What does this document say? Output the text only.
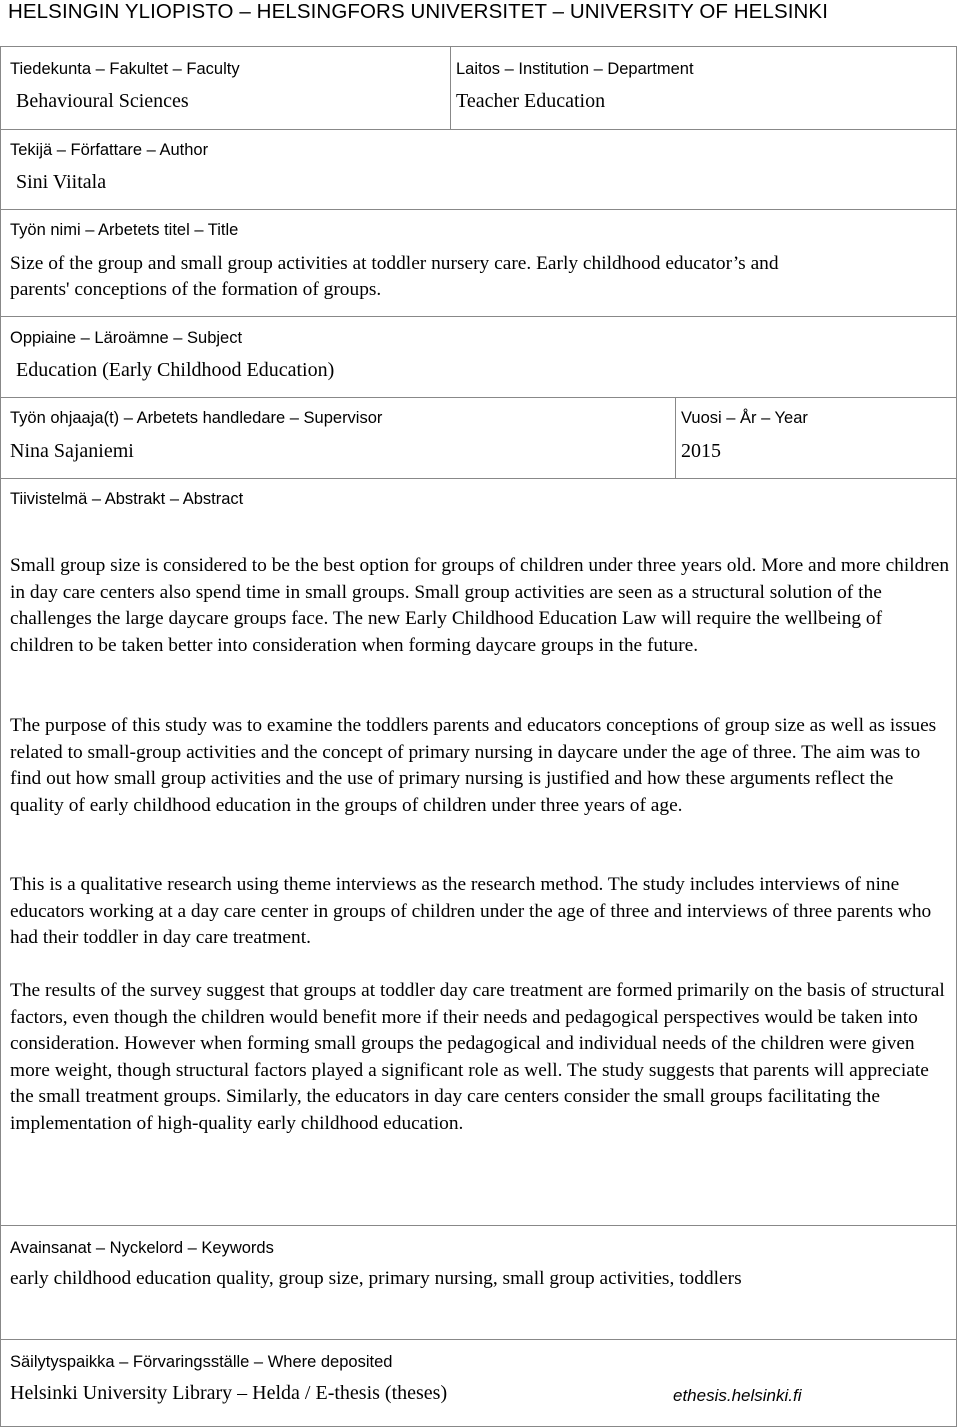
HELSINGIN YLIOPISTO – HELSINGFORS UNIVERSITET – UNIVERSITY OF HELSINKI
Tiedekunta – Fakultet – Faculty
Behavioural Sciences
Laitos – Institution – Department
Teacher Education
Tekijä – Författare – Author
Sini Viitala
Työn nimi – Arbetets titel – Title
Size of the group and small group activities at toddler nursery care. Early childhood educator’s and
parents' conceptions of the formation of groups.
Oppiaine – Läroämne – Subject
Education (Early Childhood Education)
Työn ohjaaja(t) – Arbetets handledare – Supervisor
Nina Sajaniemi
Vuosi – År – Year
2015
Tiivistelmä – Abstrakt – Abstract

Small group size is considered to be the best option for groups of children under three years old. More and more children in day care centers also spend time in small groups. Small group activities are seen as a structural solution of the challenges the large daycare groups face. The new Early Childhood Education Law will require the wellbeing of children to be taken better into consideration when forming daycare groups in the future.

The purpose of this study was to examine the toddlers parents and educators conceptions of group size as well as issues related to small-group activities and the concept of primary nursing in daycare under the age of three. The aim was to find out how small group activities and the use of primary nursing is justified and how these arguments reflect the quality of early childhood education in the groups of children under three years of age.

This is a qualitative research using theme interviews as the research method. The study includes interviews of nine educators working at a day care center in groups of children under the age of three and interviews of three parents who had their toddler in day care treatment.

The results of the survey suggest that groups at toddler day care treatment are formed primarily on the basis of structural factors, even though the children would benefit more if their needs and pedagogical perspectives would be taken into consideration. However when forming small groups the pedagogical and individual needs of the children were given more weight, though structural factors played a significant role as well. The study suggests that parents will appreciate the small treatment groups. Similarly, the educators in day care centers consider the small groups facilitating the implementation of high-quality early childhood education.

Avainsanat – Nyckelord – Keywords
early childhood education quality, group size, primary nursing, small group activities, toddlers
Säilytyspaikka – Förvaringsställe – Where deposited
Helsinki University Library – Helda / E-thesis (theses)	ethesis.helsinki.fi
